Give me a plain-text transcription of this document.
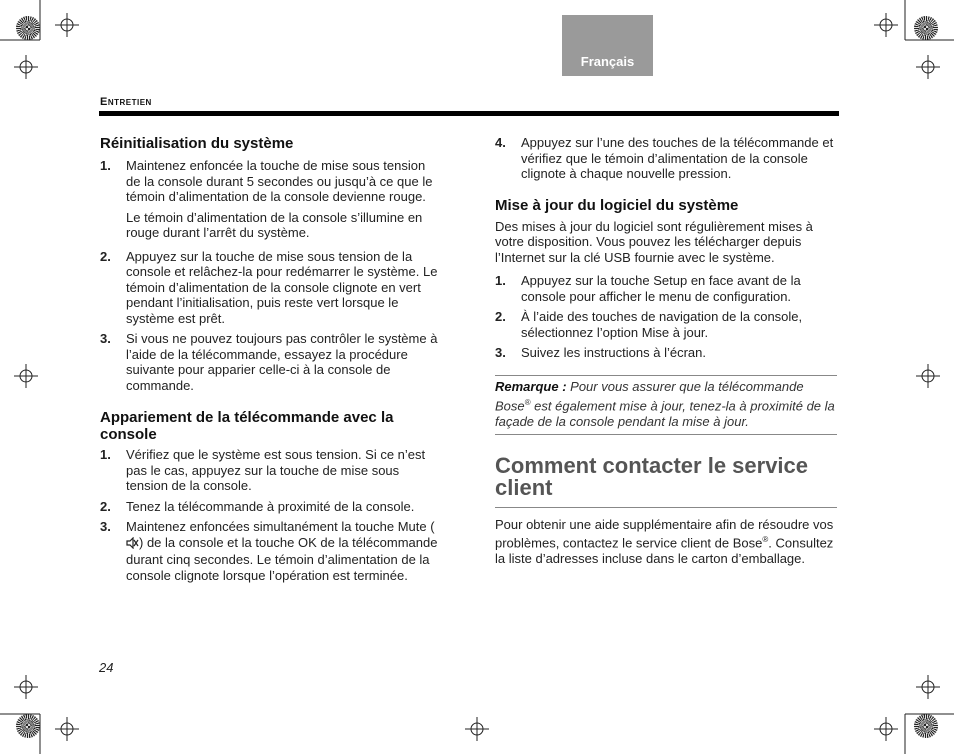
Français
Entretien
Réinitialisation du système
1. Maintenez enfoncée la touche de mise sous tension de la console durant 5 secondes ou jusqu’à ce que le témoin d’alimentation de la console devienne rouge.
Le témoin d’alimentation de la console s’illumine en rouge durant l’arrêt du système.
2. Appuyez sur la touche de mise sous tension de la console et relâchez-la pour redémarrer le système. Le témoin d’alimentation de la console clignote en vert pendant l’initialisation, puis reste vert lorsque le système est prêt.
3. Si vous ne pouvez toujours pas contrôler le système à l’aide de la télécommande, essayez la procédure suivante pour apparier celle-ci à la console de commande.
Appariement de la télécommande avec la console
1. Vérifiez que le système est sous tension. Si ce n’est pas le cas, appuyez sur la touche de mise sous tension de la console.
2. Tenez la télécommande à proximité de la console.
3. Maintenez enfoncées simultanément la touche Mute () de la console et la touche OK de la télécommande durant cinq secondes. Le témoin d’alimentation de la console clignote lorsque l’opération est terminée.
4. Appuyez sur l’une des touches de la télécommande et vérifiez que le témoin d’alimentation de la console clignote à chaque nouvelle pression.
Mise à jour du logiciel du système
Des mises à jour du logiciel sont régulièrement mises à votre disposition. Vous pouvez les télécharger depuis l’Internet sur la clé USB fournie avec le système.
1. Appuyez sur la touche Setup en face avant de la console pour afficher le menu de configuration.
2. À l’aide des touches de navigation de la console, sélectionnez l’option Mise à jour.
3. Suivez les instructions à l’écran.
Remarque : Pour vous assurer que la télécommande Bose® est également mise à jour, tenez-la à proximité de la façade de la console pendant la mise à jour.
Comment contacter le service client
Pour obtenir une aide supplémentaire afin de résoudre vos problèmes, contactez le service client de Bose®. Consultez la liste d’adresses incluse dans le carton d’emballage.
24
